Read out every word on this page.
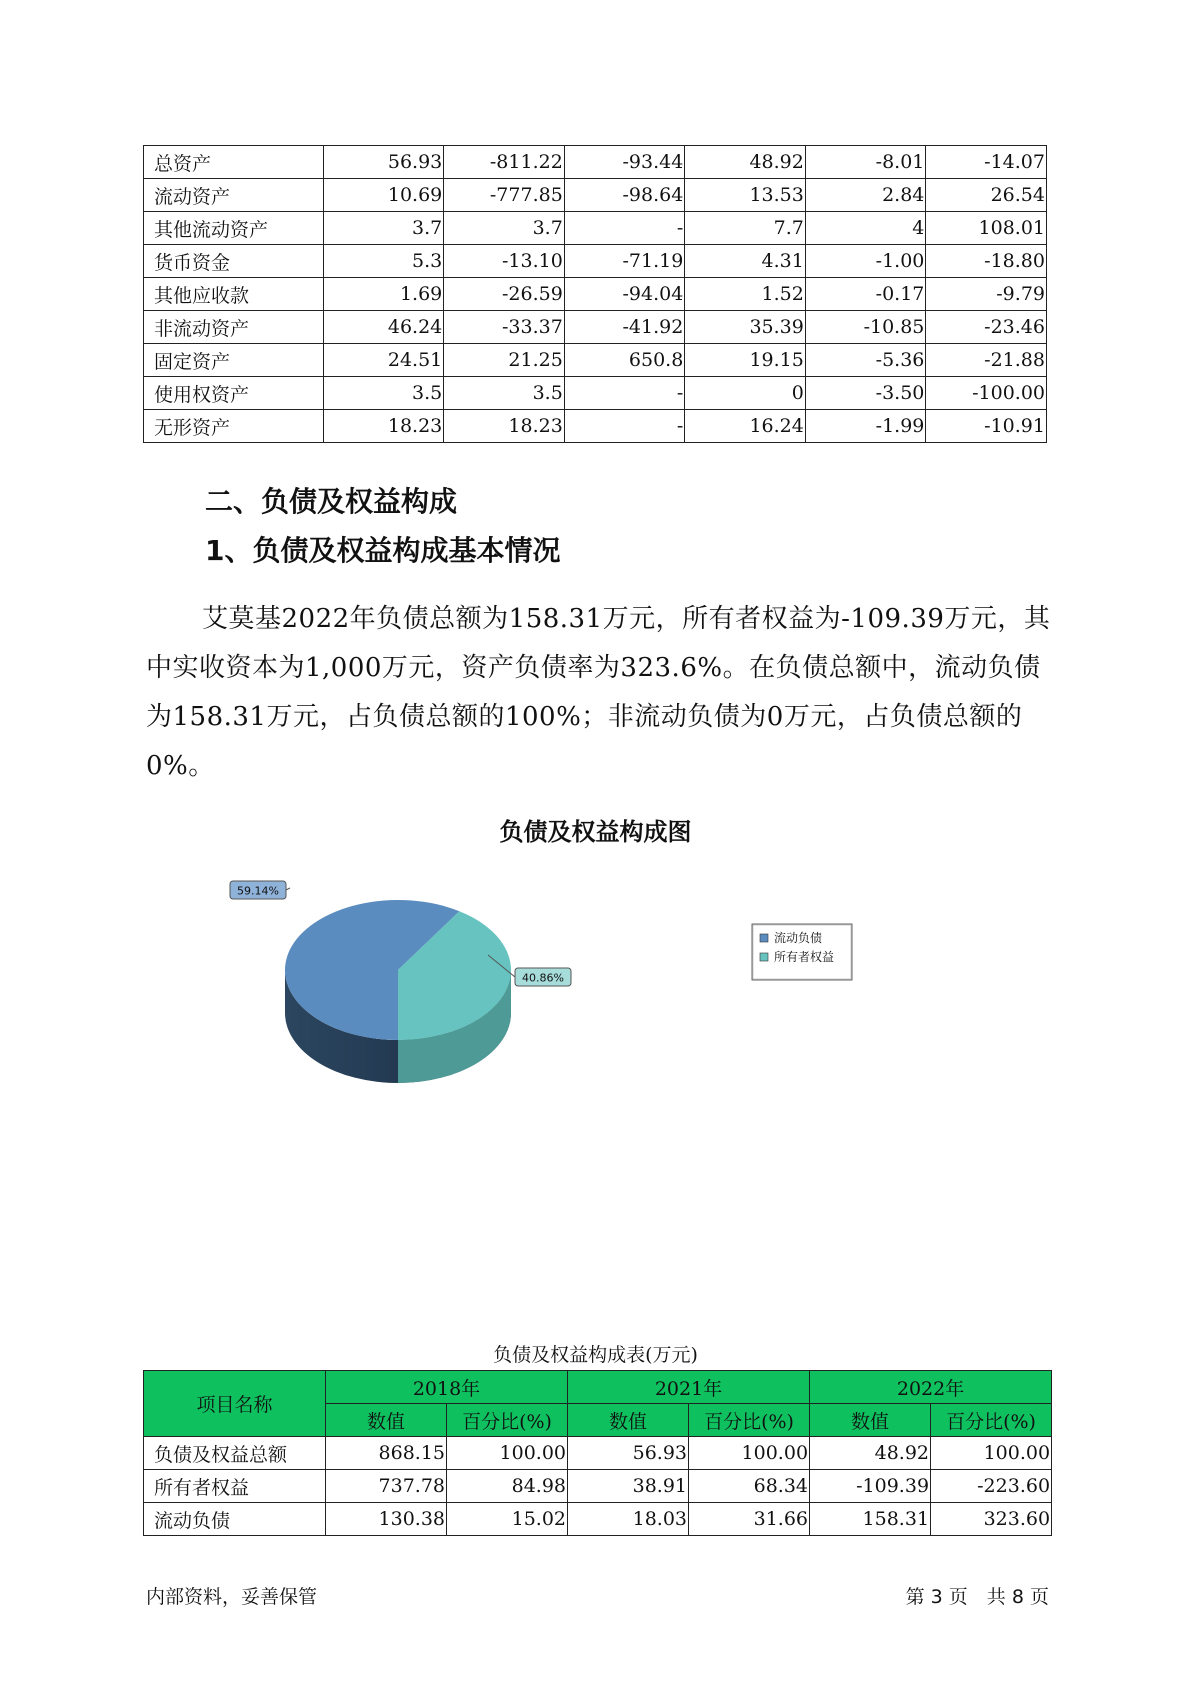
总资产	56.93	-811.22	-93.44	48.92	-8.01	-14.07
流动资产	10.69	-777.85	-98.64	13.53	2.84	26.54
其他流动资产	3.7	3.7	-	7.7	4	108.01
货币资金	5.3	-13.10	-71.19	4.31	-1.00	-18.80
其他应收款	1.69	-26.59	-94.04	1.52	-0.17	-9.79
非流动资产	46.24	-33.37	-41.92	35.39	-10.85	-23.46
固定资产	24.51	21.25	650.8	19.15	-5.36	-21.88
使用权资产	3.5	3.5	-	0	-3.50	-100.00
无形资产	18.23	18.23	-	16.24	-1.99	-10.91
二、负债及权益构成
1、负债及权益构成基本情况

艾莫基2022年负债总额为158.31万元，所有者权益为-109.39万元，其中实收资本为1,000万元，资产负债率为323.6%。在负债总额中，流动负债为158.31万元，占负债总额的100%；非流动负债为0万元，占负债总额的0%。

负债及权益构成图
59.14%
40.86%
流动负债
所有者权益
负债及权益构成表(万元)
项目名称	2018年		2021年		2022年	
	数值	百分比(%)	数值	百分比(%)	数值	百分比(%)
负债及权益总额	868.15	100.00	56.93	100.00	48.92	100.00
所有者权益	737.78	84.98	38.91	68.34	-109.39	-223.60
流动负债	130.38	15.02	18.03	31.66	158.31	323.60
内部资料，妥善保管	第 3 页　共 8 页
